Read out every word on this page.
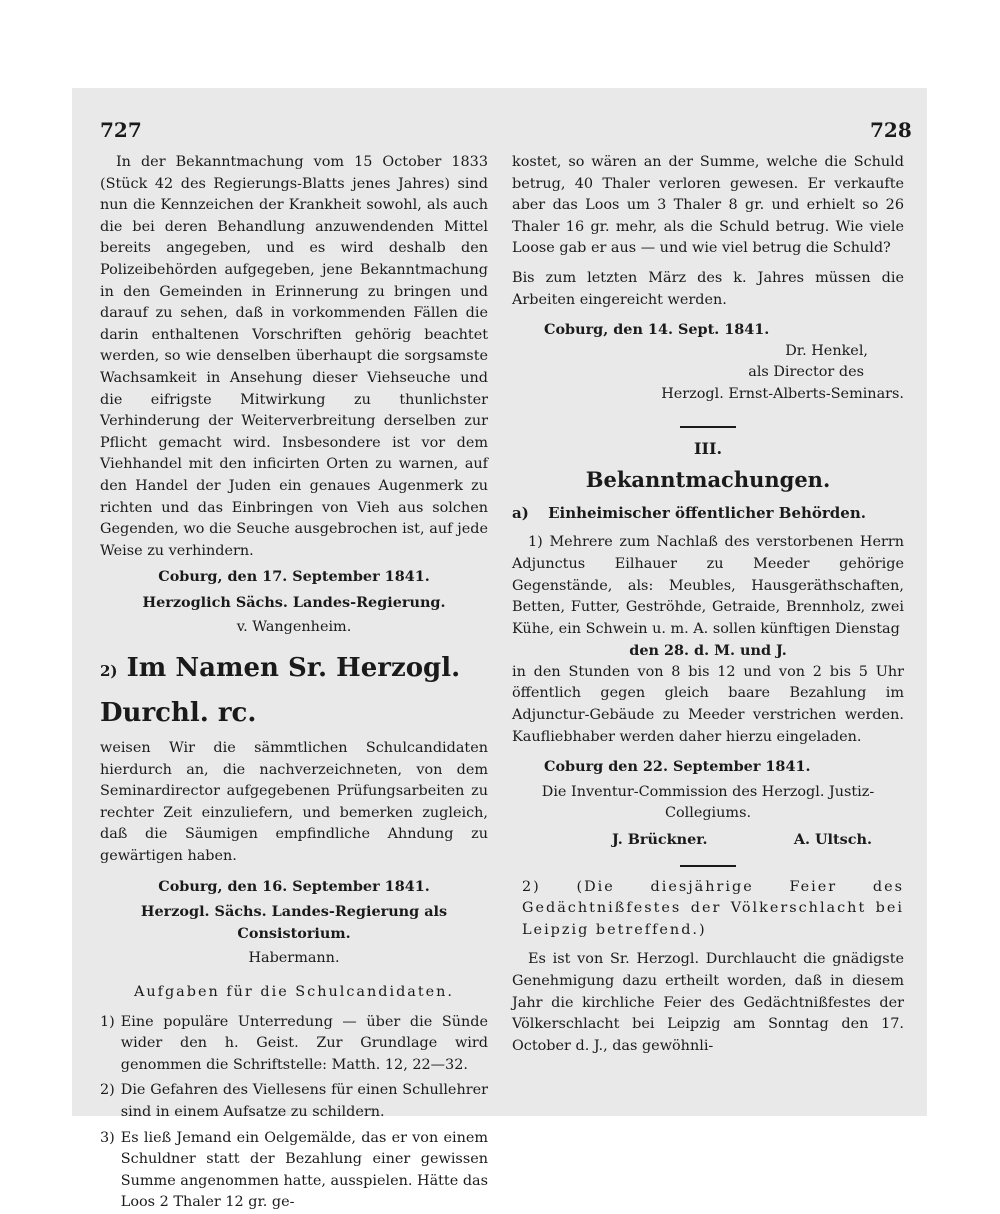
727	728

In der Bekanntmachung vom 15 October 1833 (Stück 42 des Regierungs-Blatts jenes Jahres) sind nun die Kennzeichen der Krankheit sowohl, als auch die bei deren Behandlung anzuwendenden Mittel bereits angegeben, und es wird deshalb den Polizeibehörden aufgegeben, jene Bekanntmachung in den Gemeinden in Erinnerung zu bringen und darauf zu sehen, daß in vorkommenden Fällen die darin enthaltenen Vorschriften gehörig beachtet werden, so wie denselben überhaupt die sorgsamste Wachsamkeit in Ansehung dieser Viehseuche und die eifrigste Mitwirkung zu thunlichster Verhinderung der Weiterverbreitung derselben zur Pflicht gemacht wird. Insbesondere ist vor dem Viehhandel mit den inficirten Orten zu warnen, auf den Handel der Juden ein genaues Augenmerk zu richten und das Einbringen von Vieh aus solchen Gegenden, wo die Seuche ausgebrochen ist, auf jede Weise zu verhindern.

Coburg, den 17. September 1841.

Herzoglich Sächs. Landes-Regierung.

v. Wangenheim.

2) Im Namen Sr. Herzogl. Durchl. rc.

weisen Wir die sämmtlichen Schulcandidaten hierdurch an, die nachverzeichneten, von dem Seminardirector aufgegebenen Prüfungsarbeiten zu rechter Zeit einzuliefern, und bemerken zugleich, daß die Säumigen empfindliche Ahndung zu gewärtigen haben.

Coburg, den 16. September 1841.

Herzogl. Sächs. Landes-Regierung als Consistorium.

Habermann.

Aufgaben für die Schulcandidaten.

1) Eine populäre Unterredung — über die Sünde wider den h. Geist. Zur Grundlage wird genommen die Schriftstelle: Matth. 12, 22—32.
2) Die Gefahren des Viellesens für einen Schullehrer sind in einem Aufsatze zu schildern.
3) Es ließ Jemand ein Oelgemälde, das er von einem Schuldner statt der Bezahlung einer gewissen Summe angenommen hatte, ausspielen. Hätte das Loos 2 Thaler 12 gr. ge-

kostet, so wären an der Summe, welche die Schuld betrug, 40 Thaler verloren gewesen. Er verkaufte aber das Loos um 3 Thaler 8 gr. und erhielt so 26 Thaler 16 gr. mehr, als die Schuld betrug. Wie viele Loose gab er aus — und wie viel betrug die Schuld?

Bis zum letzten März des k. Jahres müssen die Arbeiten eingereicht werden.

Coburg, den 14. Sept. 1841.

Dr. Henkel,

als Director des

Herzogl. Ernst-Alberts-Seminars.

III.

Bekanntmachungen.

a) Einheimischer öffentlicher Behörden.

1) Mehrere zum Nachlaß des verstorbenen Herrn Adjunctus Eilhauer zu Meeder gehörige Gegenstände, als: Meubles, Hausgeräthschaften, Betten, Futter, Geströhde, Getraide, Brennholz, zwei Kühe, ein Schwein u. m. A. sollen künftigen Dienstag

den 28. d. M. und J.

in den Stunden von 8 bis 12 und von 2 bis 5 Uhr öffentlich gegen gleich baare Bezahlung im Adjunctur-Gebäude zu Meeder verstrichen werden. Kaufliebhaber werden daher hierzu eingeladen.

Coburg den 22. September 1841.

Die Inventur-Commission des Herzogl. Justiz-Collegiums.

J. Brückner.	A. Ultsch.

2) (Die diesjährige Feier des Gedächtnißfestes der Völkerschlacht bei Leipzig betreffend.)

Es ist von Sr. Herzogl. Durchlaucht die gnädigste Genehmigung dazu ertheilt worden, daß in diesem Jahr die kirchliche Feier des Gedächtnißfestes der Völkerschlacht bei Leipzig am Sonntag den 17. October d. J., das gewöhnli-
